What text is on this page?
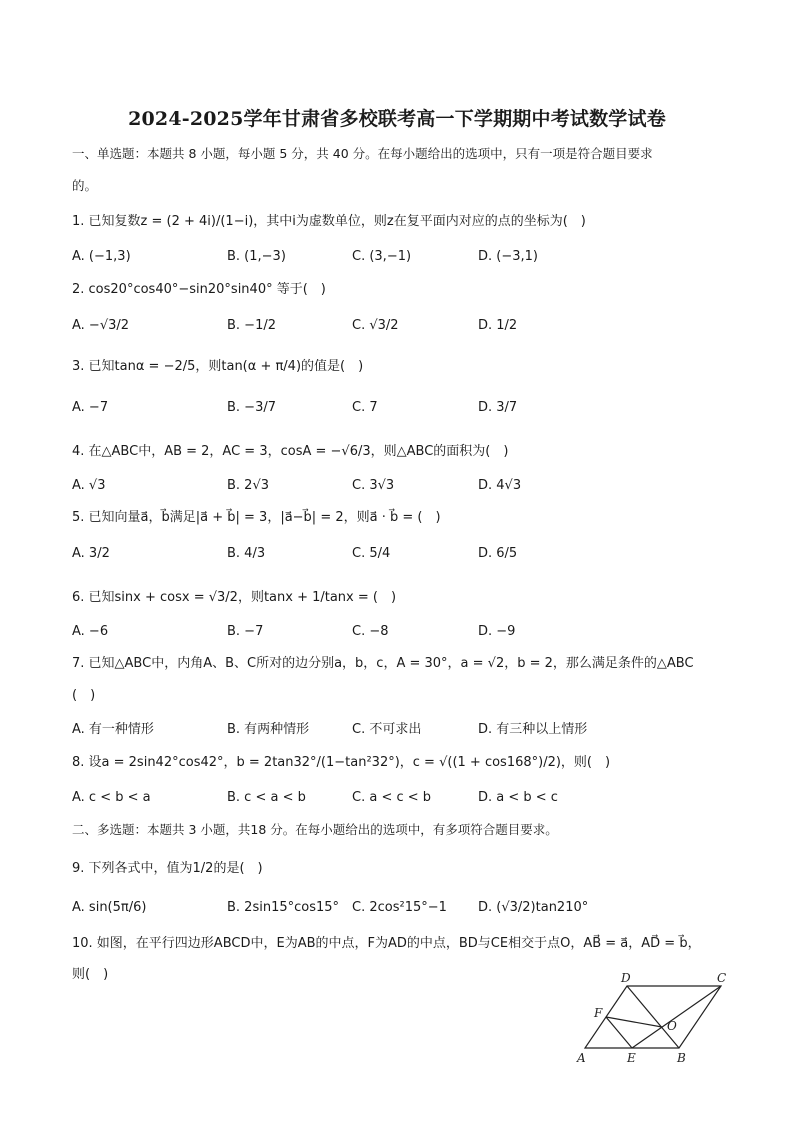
2024-2025学年甘肃省多校联考高一下学期期中考试数学试卷
一、单选题：本题共 8 小题，每小题 5 分，共 40 分。在每小题给出的选项中，只有一项是符合题目要求
的。
1. 已知复数z = (2 + 4i)/(1−i)，其中i为虚数单位，则z在复平面内对应的点的坐标为(　)
A. (−1,3)	B. (1,−3)	C. (3,−1)	D. (−3,1)
2. cos20°cos40°−sin20°sin40° 等于(　)
A. −√3/2	B. −1/2	C. √3/2	D. 1/2
3. 已知tanα = −2/5，则tan(α + π/4)的值是(　)
A. −7	B. −3/7	C. 7	D. 3/7
4. 在△ABC中，AB = 2，AC = 3，cosA = −√6/3，则△ABC的面积为(　)
A. √3	B. 2√3	C. 3√3	D. 4√3
5. 已知向量a⃗，b⃗满足|a⃗ + b⃗| = 3，|a⃗−b⃗| = 2，则a⃗ · b⃗ = (　)
A. 3/2	B. 4/3	C. 5/4	D. 6/5
6. 已知sinx + cosx = √3/2，则tanx + 1/tanx = (　)
A. −6	B. −7	C. −8	D. −9
7. 已知△ABC中，内角A、B、C所对的边分别a，b，c，A = 30°，a = √2，b = 2，那么满足条件的△ABC
(　)
A. 有一种情形	B. 有两种情形	C. 不可求出	D. 有三种以上情形
8. 设a = 2sin42°cos42°，b = 2tan32°/(1−tan²32°)，c = √((1 + cos168°)/2)，则(　)
A. c < b < a	B. c < a < b	C. a < c < b	D. a < b < c
二、多选题：本题共 3 小题，共18 分。在每小题给出的选项中，有多项符合题目要求。
9. 下列各式中，值为1/2的是(　)
A. sin(5π/6)	B. 2sin15°cos15° C. 2cos²15°−1 D. (√3/2)tan210°
10. 如图，在平行四边形ABCD中，E为AB的中点，F为AD的中点，BD与CE相交于点O，AB⃗ = a⃗，AD⃗ = b⃗，
则(　)
A	B
C
D
E
F
O
